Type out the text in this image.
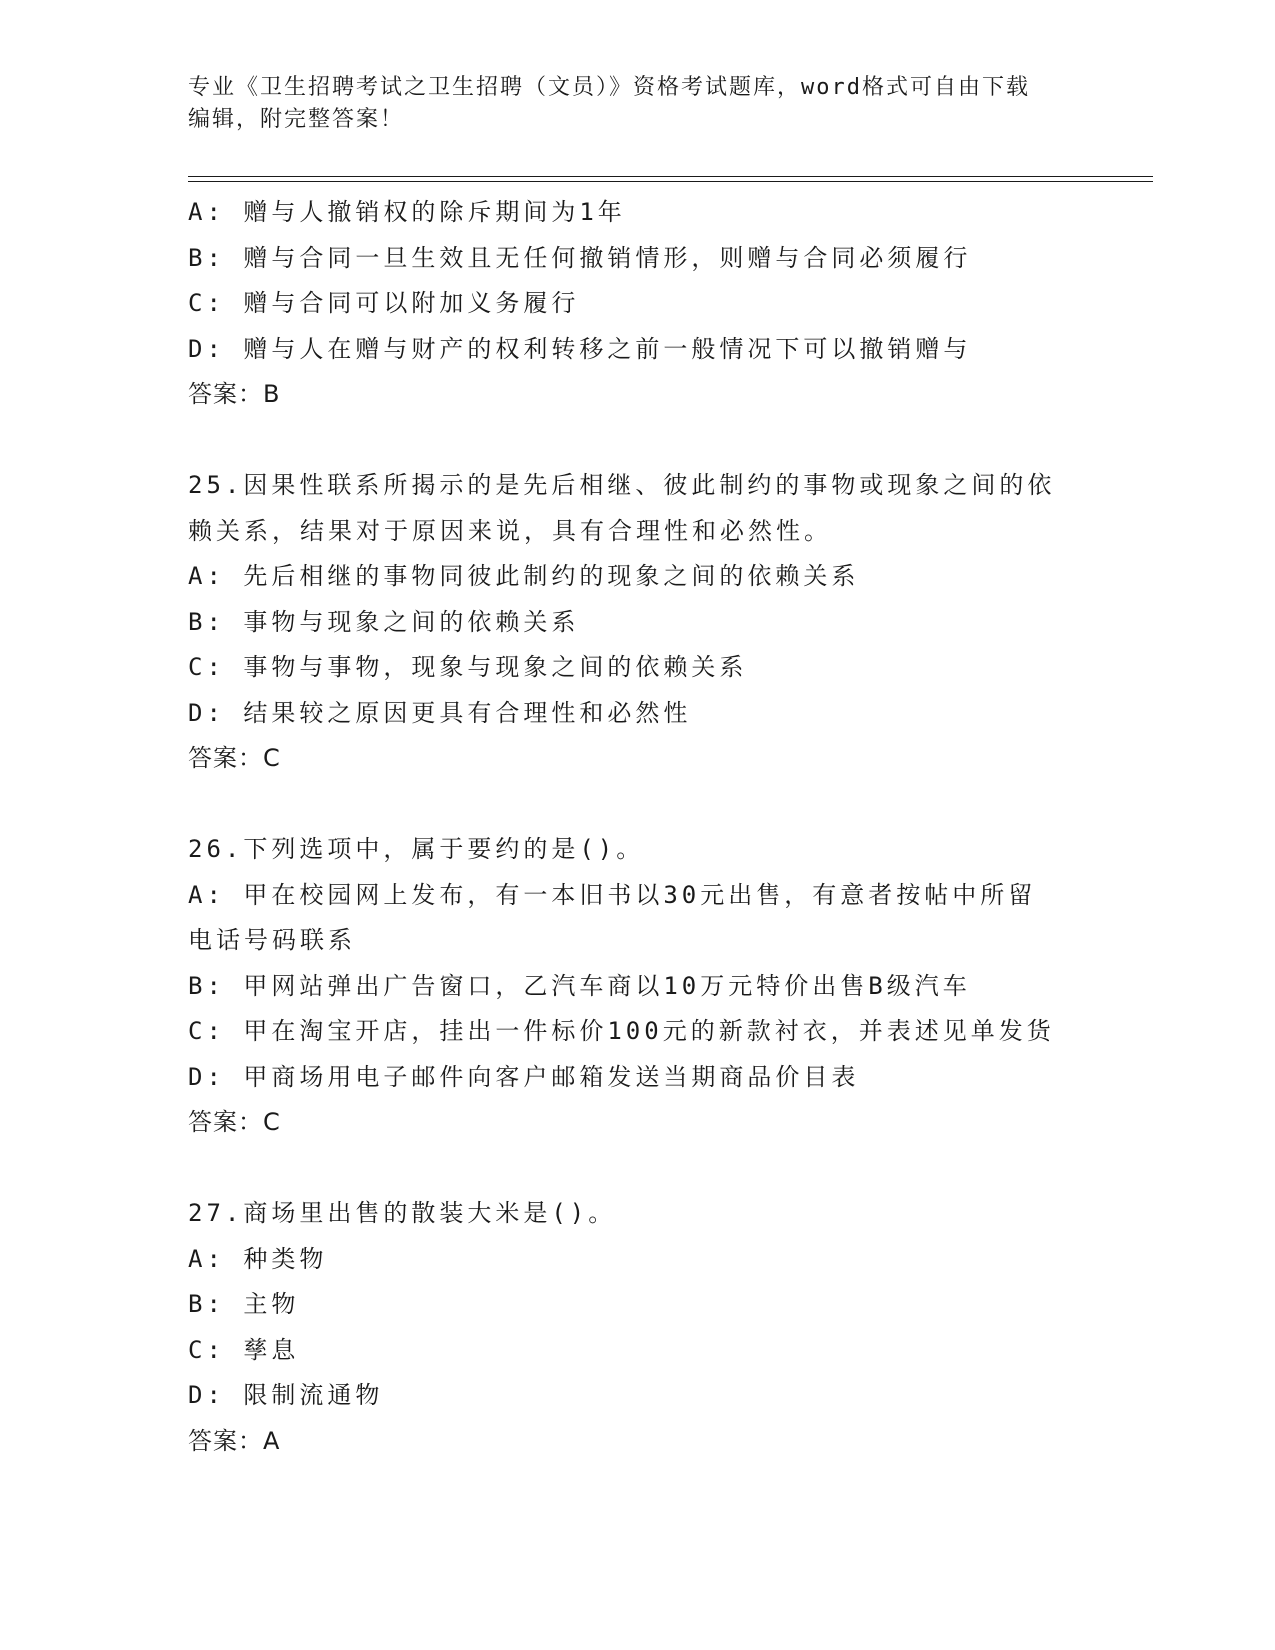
专业《卫生招聘考试之卫生招聘（文员）》资格考试题库，word格式可自由下载
编辑，附完整答案！
A: 赠与人撤销权的除斥期间为1年
B: 赠与合同一旦生效且无任何撤销情形，则赠与合同必须履行
C: 赠与合同可以附加义务履行
D: 赠与人在赠与财产的权利转移之前一般情况下可以撤销赠与
答案：B
25.因果性联系所揭示的是先后相继、彼此制约的事物或现象之间的依
赖关系，结果对于原因来说，具有合理性和必然性。
A: 先后相继的事物同彼此制约的现象之间的依赖关系
B: 事物与现象之间的依赖关系
C: 事物与事物，现象与现象之间的依赖关系
D: 结果较之原因更具有合理性和必然性
答案：C
26.下列选项中，属于要约的是()。
A: 甲在校园网上发布，有一本旧书以30元出售，有意者按帖中所留
电话号码联系
B: 甲网站弹出广告窗口，乙汽车商以10万元特价出售B级汽车
C: 甲在淘宝开店，挂出一件标价100元的新款衬衣，并表述见单发货
D: 甲商场用电子邮件向客户邮箱发送当期商品价目表
答案：C
27.商场里出售的散装大米是()。
A: 种类物
B: 主物
C: 孳息
D: 限制流通物
答案：A
